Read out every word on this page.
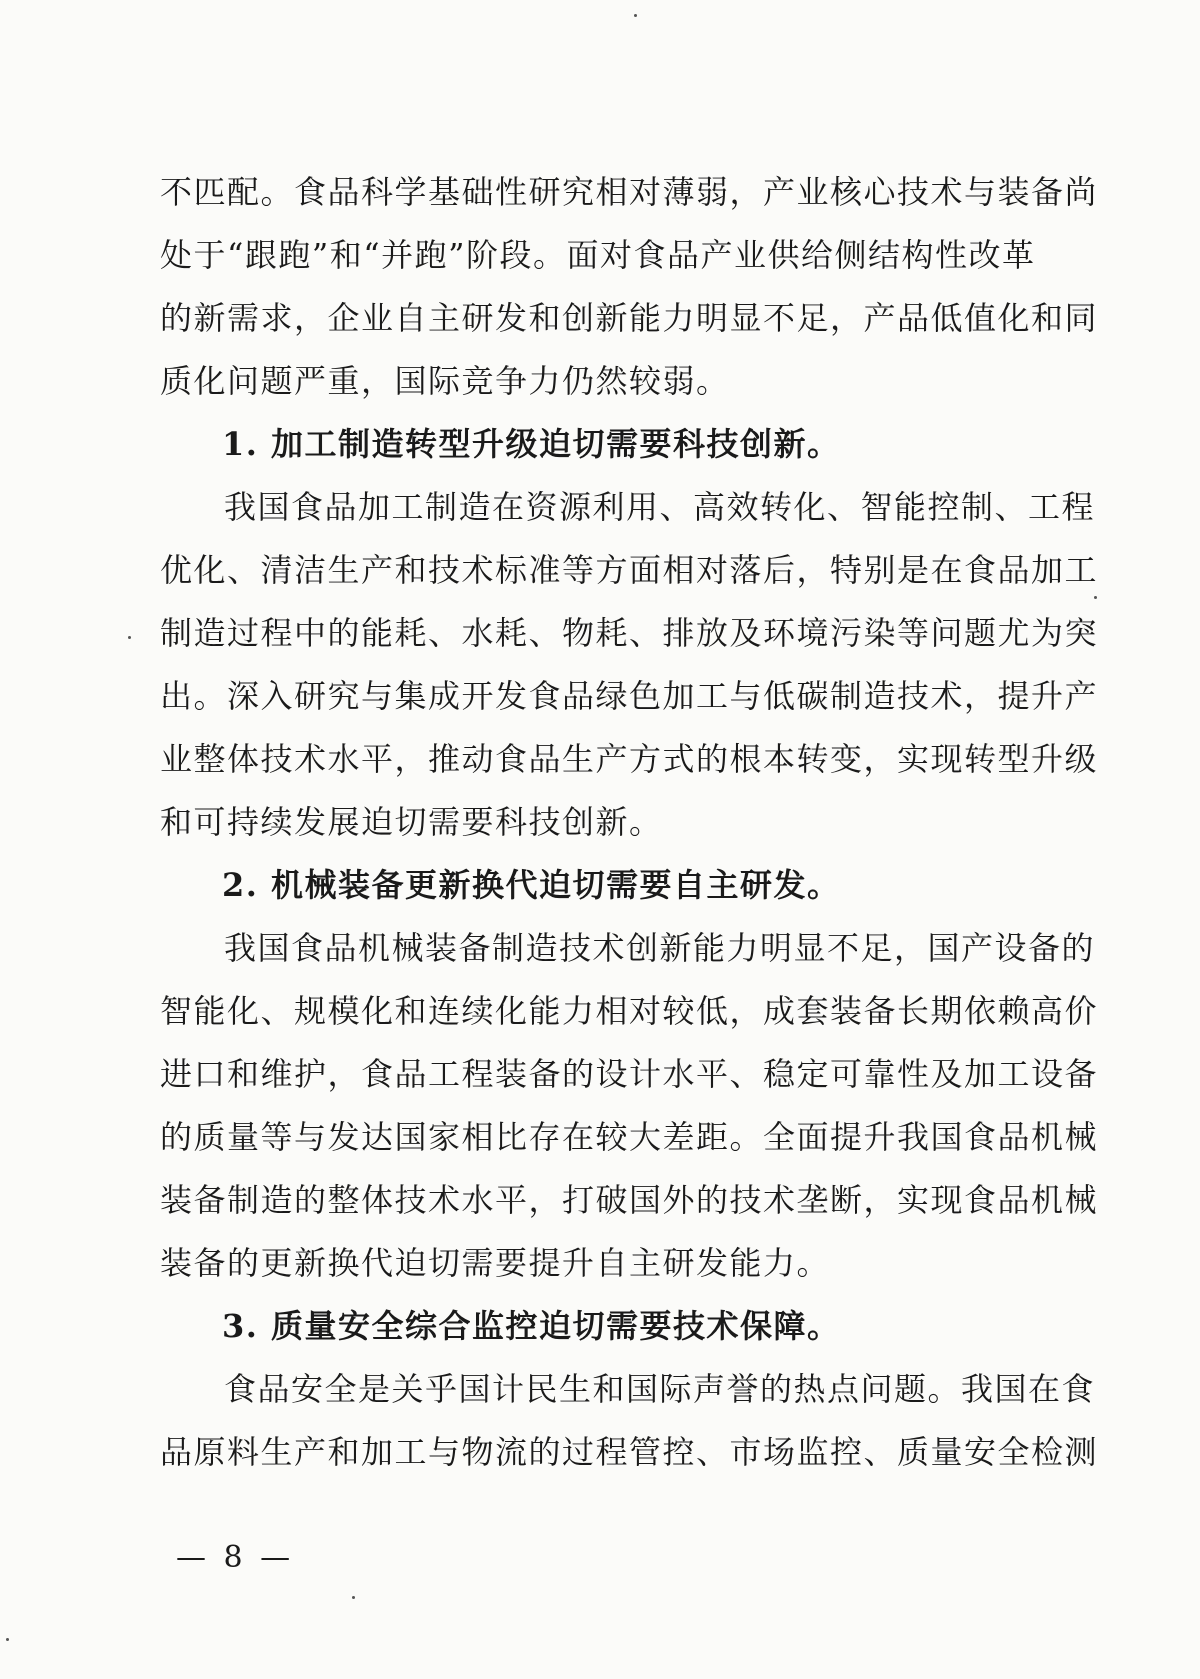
不匹配。食品科学基础性研究相对薄弱，产业核心技术与装备尚
处于“跟跑”和“并跑”阶段。面对食品产业供给侧结构性改革
的新需求，企业自主研发和创新能力明显不足，产品低值化和同
质化问题严重，国际竞争力仍然较弱。
1. 加工制造转型升级迫切需要科技创新。
我国食品加工制造在资源利用、高效转化、智能控制、工程
优化、清洁生产和技术标准等方面相对落后，特别是在食品加工
制造过程中的能耗、水耗、物耗、排放及环境污染等问题尤为突
出。深入研究与集成开发食品绿色加工与低碳制造技术，提升产
业整体技术水平，推动食品生产方式的根本转变，实现转型升级
和可持续发展迫切需要科技创新。
2. 机械装备更新换代迫切需要自主研发。
我国食品机械装备制造技术创新能力明显不足，国产设备的
智能化、规模化和连续化能力相对较低，成套装备长期依赖高价
进口和维护，食品工程装备的设计水平、稳定可靠性及加工设备
的质量等与发达国家相比存在较大差距。全面提升我国食品机械
装备制造的整体技术水平，打破国外的技术垄断，实现食品机械
装备的更新换代迫切需要提升自主研发能力。
3. 质量安全综合监控迫切需要技术保障。
食品安全是关乎国计民生和国际声誉的热点问题。我国在食
品原料生产和加工与物流的过程管控、市场监控、质量安全检测
— 8 —
